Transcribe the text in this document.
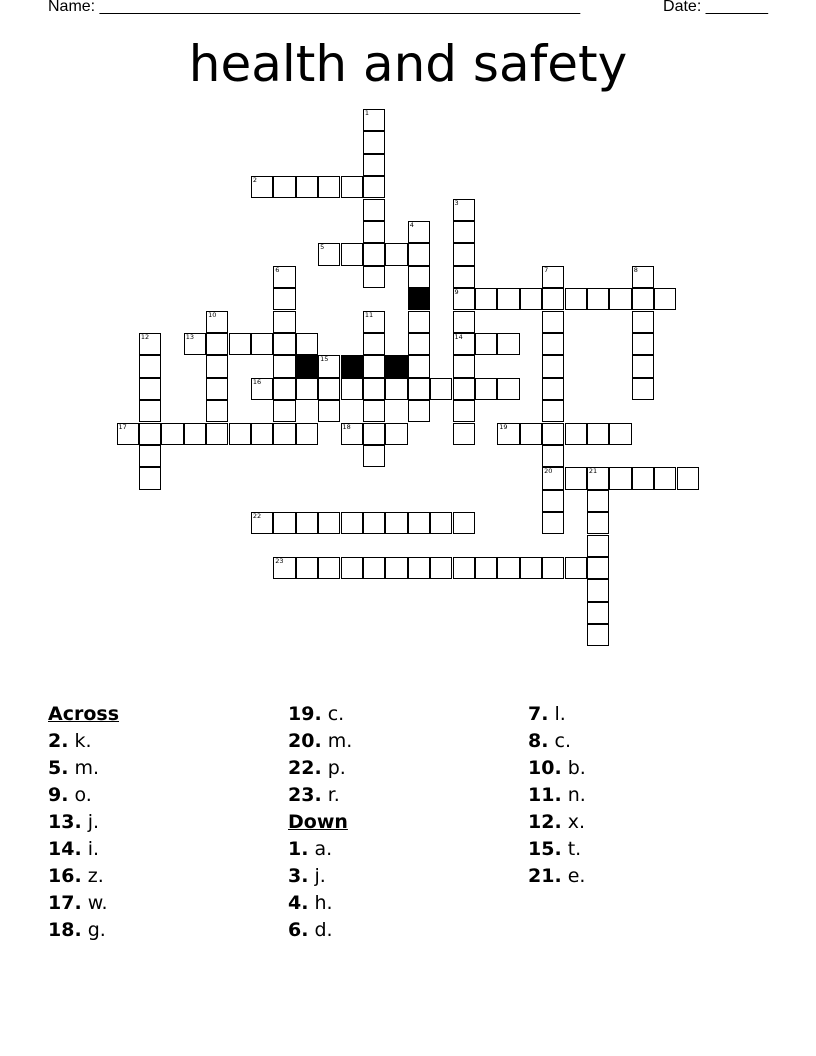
Name: ______________________________________________________	Date: _______
health and safety
2
5
9
13	14
16
17	18	19
20	21
22
23
1
3
4
6	7	8
10	11
12
15
Across
2. k.
5. m.
9. o.
13. j.
14. i.
16. z.
17. w.
18. g.
19. c.
20. m.
22. p.
23. r.
Down
1. a.
3. j.
4. h.
6. d.
7. l.
8. c.
10. b.
11. n.
12. x.
15. t.
21. e.
